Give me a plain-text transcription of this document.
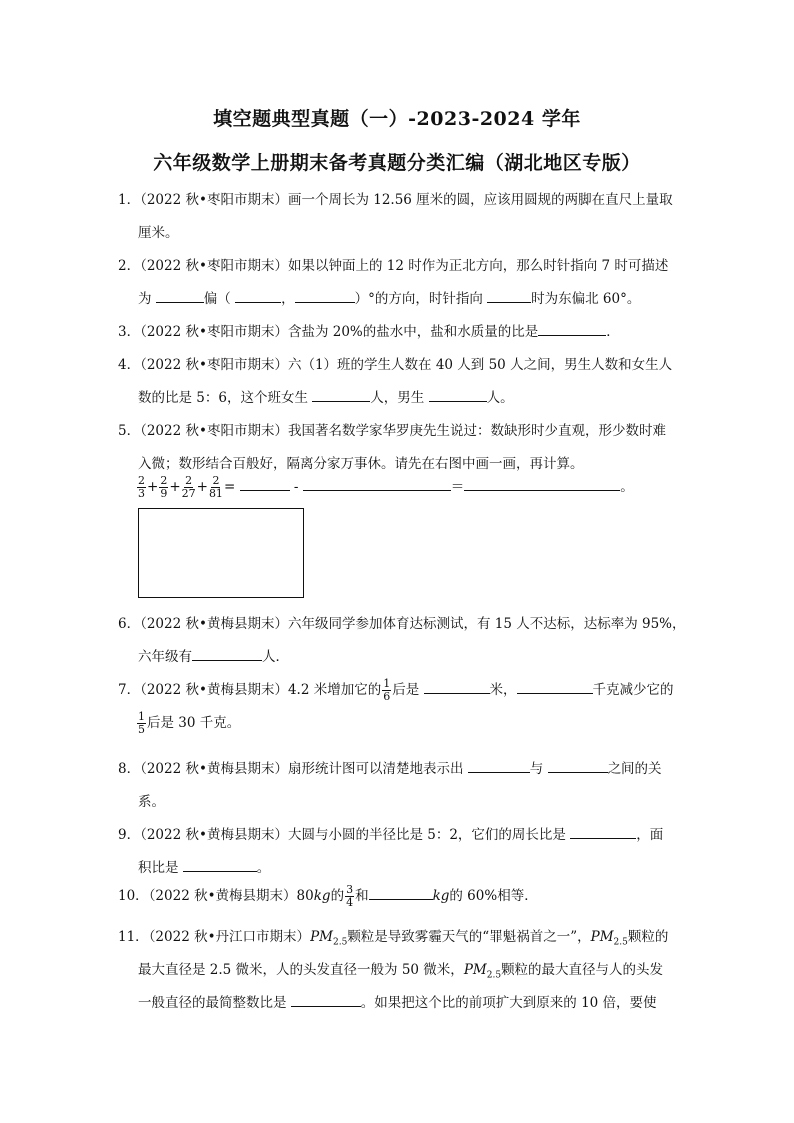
填空题典型真题（一）-2023-2024 学年
六年级数学上册期末备考真题分类汇编（湖北地区专版）
1．（2022 秋•枣阳市期末）画一个周长为 12.56 厘米的圆，应该用圆规的两脚在直尺上量取
厘米。
2．（2022 秋•枣阳市期末）如果以钟面上的 12 时作为正北方向，那么时针指向 7 时可描述
为	偏（	，	）°的方向，时针指向	时为东偏北 60°。
3．（2022 秋•枣阳市期末）含盐为 20%的盐水中，盐和水质量的比是	．
4．（2022 秋•枣阳市期末）六（1）班的学生人数在 40 人到 50 人之间，男生人数和女生人
数的比是 5：6，这个班女生	人，男生	人。
5．（2022 秋•枣阳市期末）我国著名数学家华罗庚先生说过：数缺形时少直观，形少数时难
入微；数形结合百般好，隔离分家万事休。请先在右图中画一画，再计算。
$\frac{2}{3} + \frac{2}{9} + \frac{2}{27} + \frac{2}{81}$ =	-	＝	。
6．（2022 秋•黄梅县期末）六年级同学参加体育达标测试，有 15 人不达标，达标率为 95%，
六年级有	人．
7．（2022 秋•黄梅县期末）4.2 米增加它的 $\frac{1}{6}$ 后是	米，	千克减少它的
$\frac{1}{5}$ 后是 30 千克。
8．（2022 秋•黄梅县期末）扇形统计图可以清楚地表示出	与	之间的关
系。
9．（2022 秋•黄梅县期末）大圆与小圆的半径比是 5：2，它们的周长比是	，面
积比是	。
10．（2022 秋•黄梅县期末）80kg的 $\frac{3}{4}$ 和	kg的 60%相等．
11．（2022 秋•丹江口市期末）$PM_{2.5}$颗粒是导致雾霾天气的“罪魁祸首之一”，$PM_{2.5}$颗粒的
最大直径是 2.5 微米，人的头发直径一般为 50 微米，$PM_{2.5}$颗粒的最大直径与人的头发
一般直径的最简整数比是	。如果把这个比的前项扩大到原来的 10 倍，要使
